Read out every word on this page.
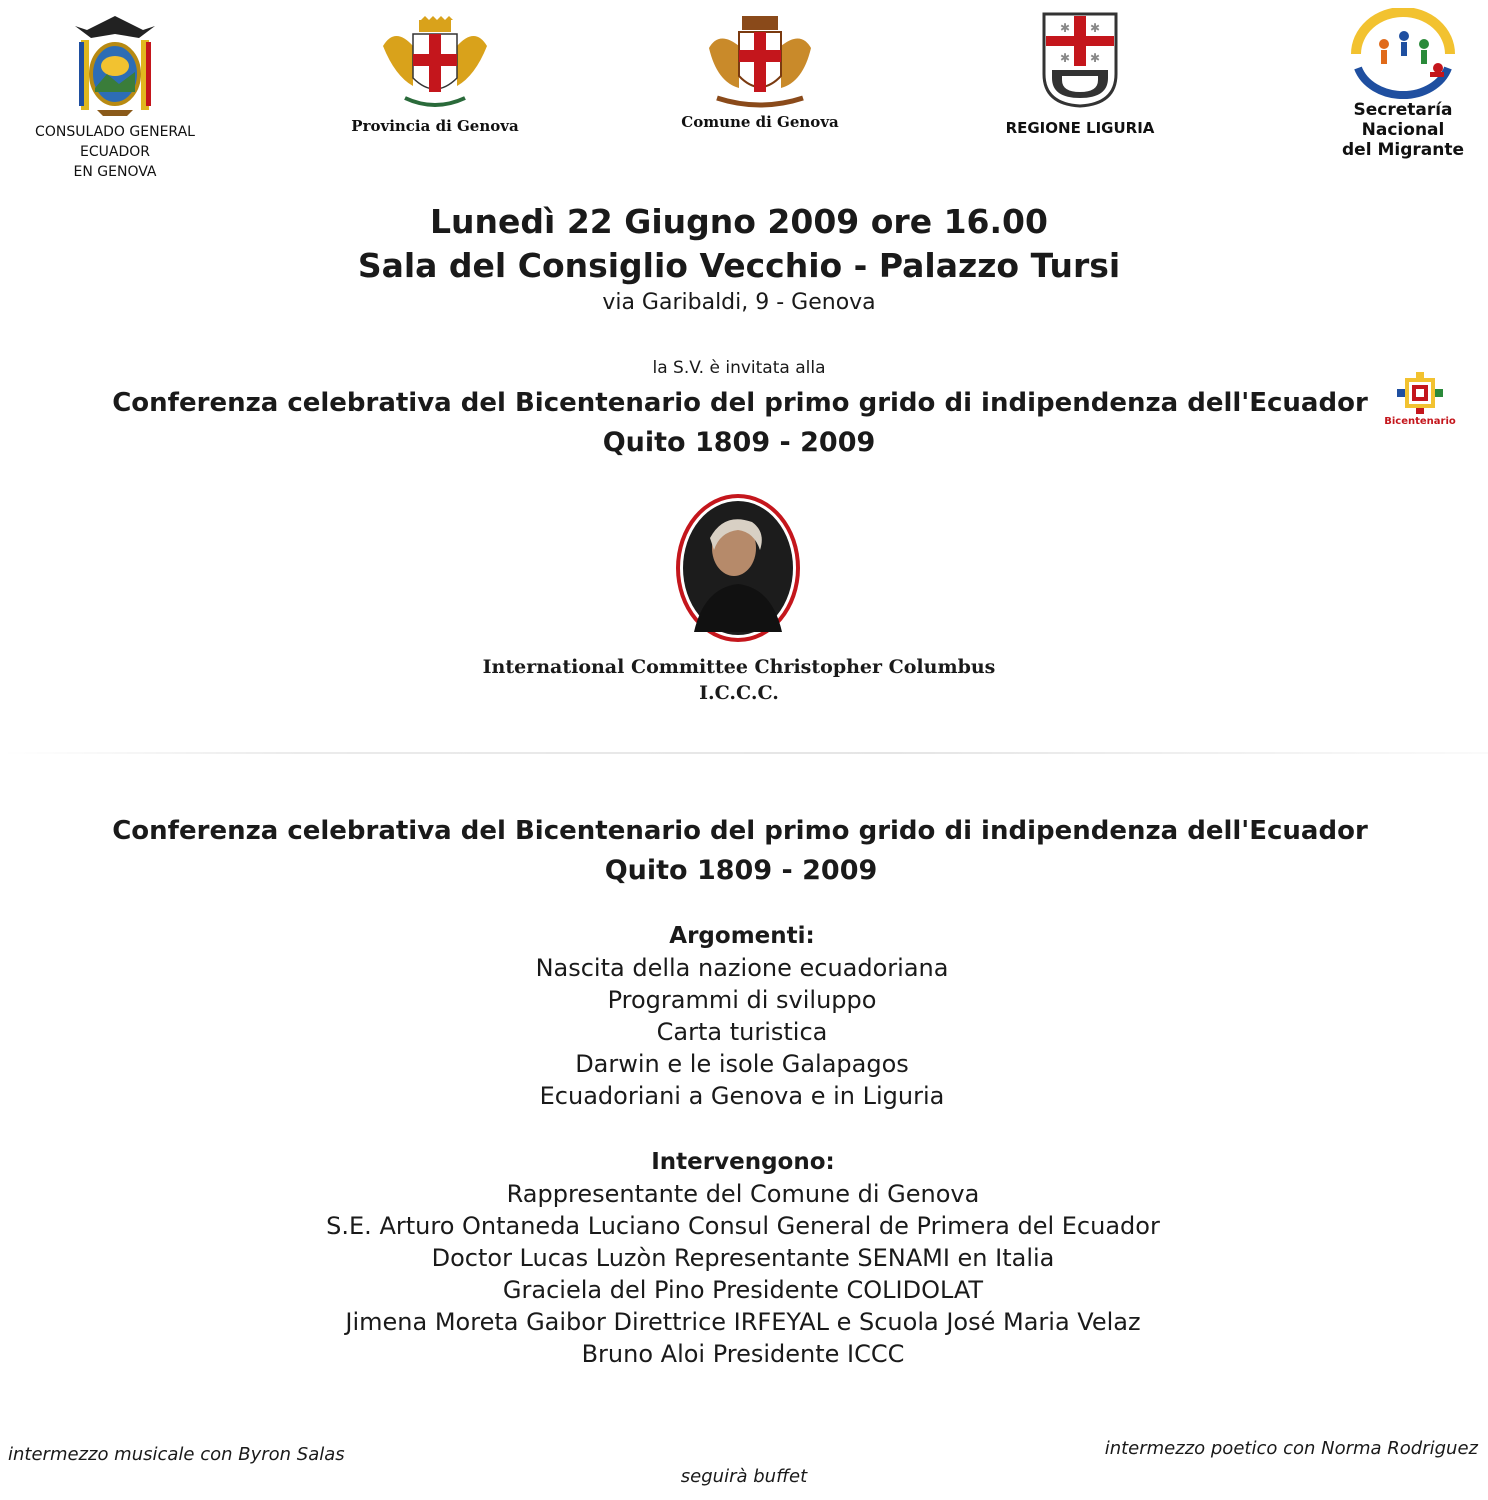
CONSULADO GENERAL ECUADOR
EN GENOVA
Provincia di Genova	Comune di Genova
✱ ✱
✱ ✱
REGIONE LIGURIA
Secretaría Nacional
del Migrante
Lunedì 22 Giugno 2009 ore 16.00
Sala del Consiglio Vecchio - Palazzo Tursi
via Garibaldi, 9 - Genova
la S.V. è invitata alla
Conferenza celebrativa del Bicentenario del primo grido di indipendenza dell'Ecuador
Quito 1809 - 2009
Bicentenario
International Committee Christopher Columbus
I.C.C.C.
Conferenza celebrativa del Bicentenario del primo grido di indipendenza dell'Ecuador
Quito 1809 - 2009
Argomenti:
Nascita della nazione ecuadoriana
Programmi di sviluppo
Carta turistica
Darwin e le isole Galapagos
Ecuadoriani a Genova e in Liguria
Intervengono:
Rappresentante del Comune di Genova
S.E. Arturo Ontaneda Luciano Consul General de Primera del Ecuador
Doctor Lucas Luzòn Representante SENAMI en Italia
Graciela del Pino Presidente COLIDOLAT
Jimena Moreta Gaibor Direttrice IRFEYAL e Scuola José Maria Velaz
Bruno Aloi Presidente ICCC
intermezzo musicale con Byron Salas	intermezzo poetico con Norma Rodriguez
seguirà buffet
